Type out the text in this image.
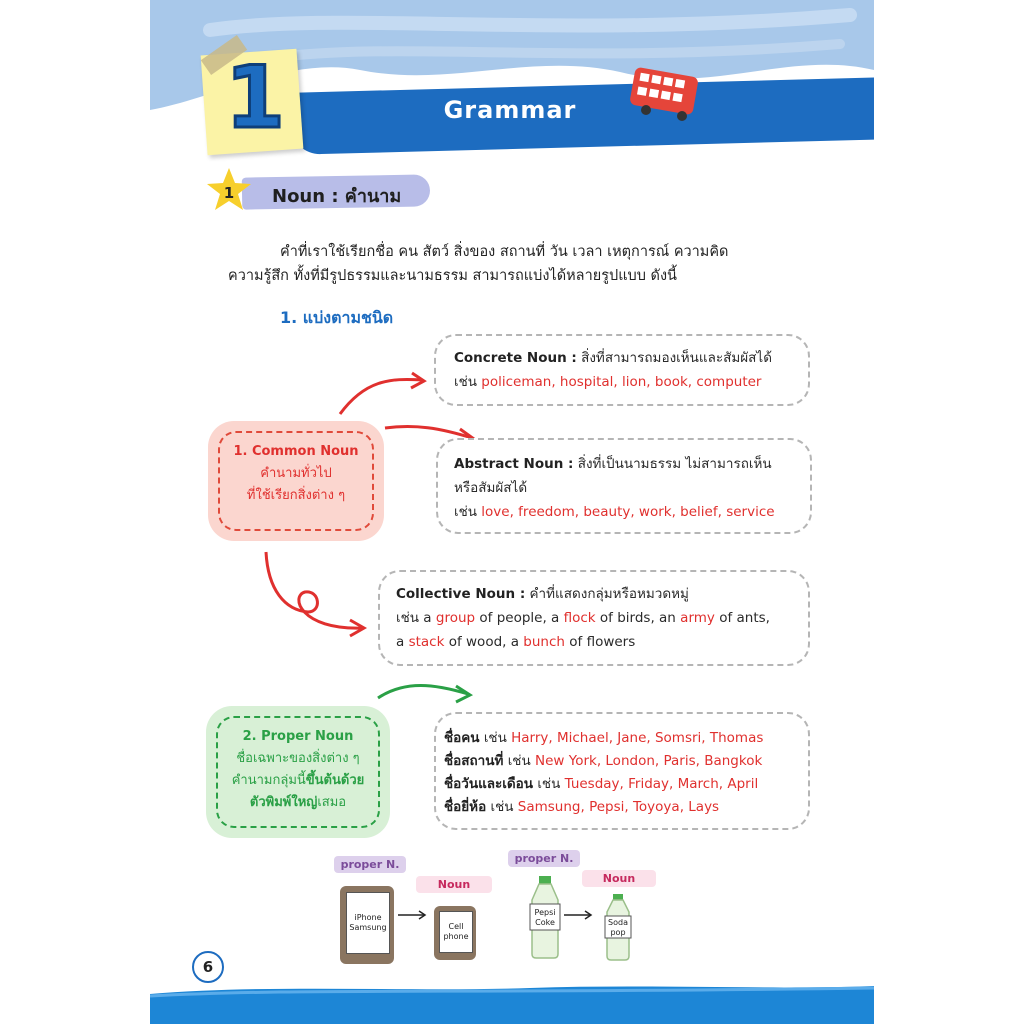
Grammar
1
1 Noun : คำนาม
คำที่เราใช้เรียกชื่อ คน สัตว์ สิ่งของ สถานที่ วัน เวลา เหตุการณ์ ความคิด
ความรู้สึก ทั้งที่มีรูปธรรมและนามธรรม สามารถแบ่งได้หลายรูปแบบ ดังนี้
1. แบ่งตามชนิด
1. Common Noun
คำนามทั่วไป
ที่ใช้เรียกสิ่งต่าง ๆ
Concrete Noun : สิ่งที่สามารถมองเห็นและสัมผัสได้
เช่น policeman, hospital, lion, book, computer
Abstract Noun : สิ่งที่เป็นนามธรรม ไม่สามารถเห็น
หรือสัมผัสได้
เช่น love, freedom, beauty, work, belief, service
Collective Noun : คำที่แสดงกลุ่มหรือหมวดหมู่
เช่น a group of people, a flock of birds, an army of ants,
a stack of wood, a bunch of flowers
2. Proper Noun
ชื่อเฉพาะของสิ่งต่าง ๆ
คำนามกลุ่มนี้ขึ้นต้นด้วย
ตัวพิมพ์ใหญ่เสมอ
ชื่อคน เช่น Harry, Michael, Jane, Somsri, Thomas
ชื่อสถานที่ เช่น New York, London, Paris, Bangkok
ชื่อวันและเดือน เช่น Tuesday, Friday, March, April
ชื่อยี่ห้อ เช่น Samsung, Pepsi, Toyoya, Lays
proper N.
iPhone Samsung
Noun
Cell phone
proper N.
Pepsi Coke
Noun
Soda pop
6
